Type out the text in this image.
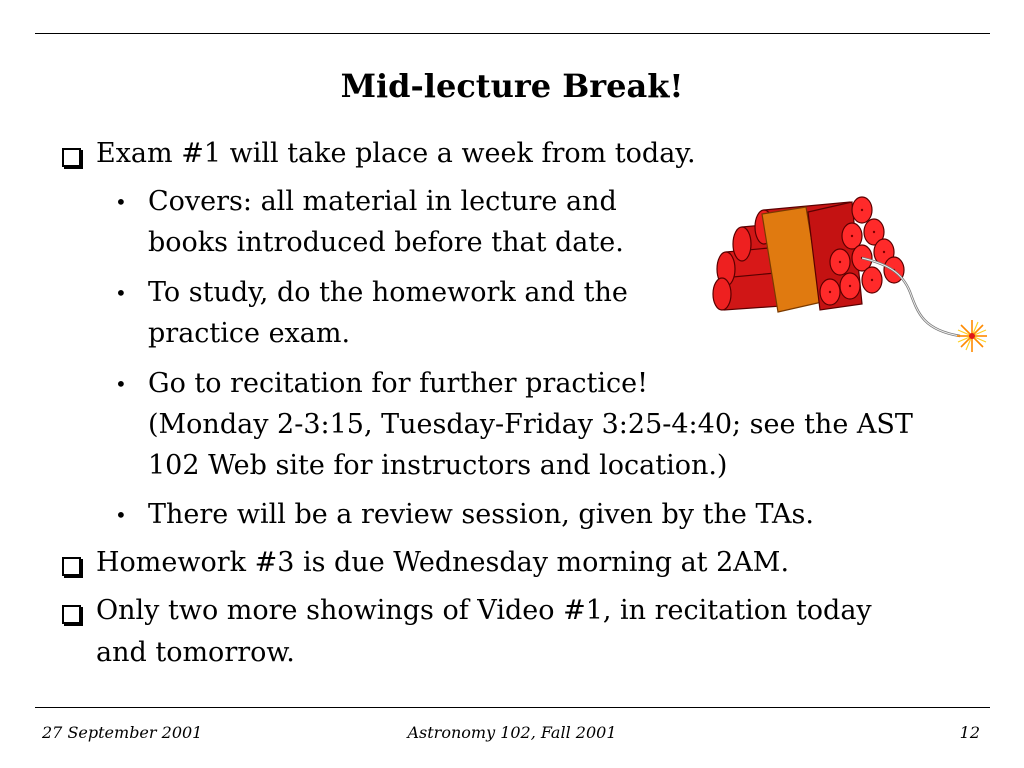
Mid-lecture Break!
Exam #1 will take place a week from today.
• Covers: all material in lecture and
books introduced before that date.
• To study, do the homework and the
practice exam.
• Go to recitation for further practice!
(Monday 2-3:15, Tuesday-Friday 3:25-4:40; see the AST
102 Web site for instructors and location.)
• There will be a review session, given by the TAs.
Homework #3 is due Wednesday morning at 2AM.
Only two more showings of Video #1, in recitation today
and tomorrow.
27 September 2001	Astronomy 102, Fall 2001	12
